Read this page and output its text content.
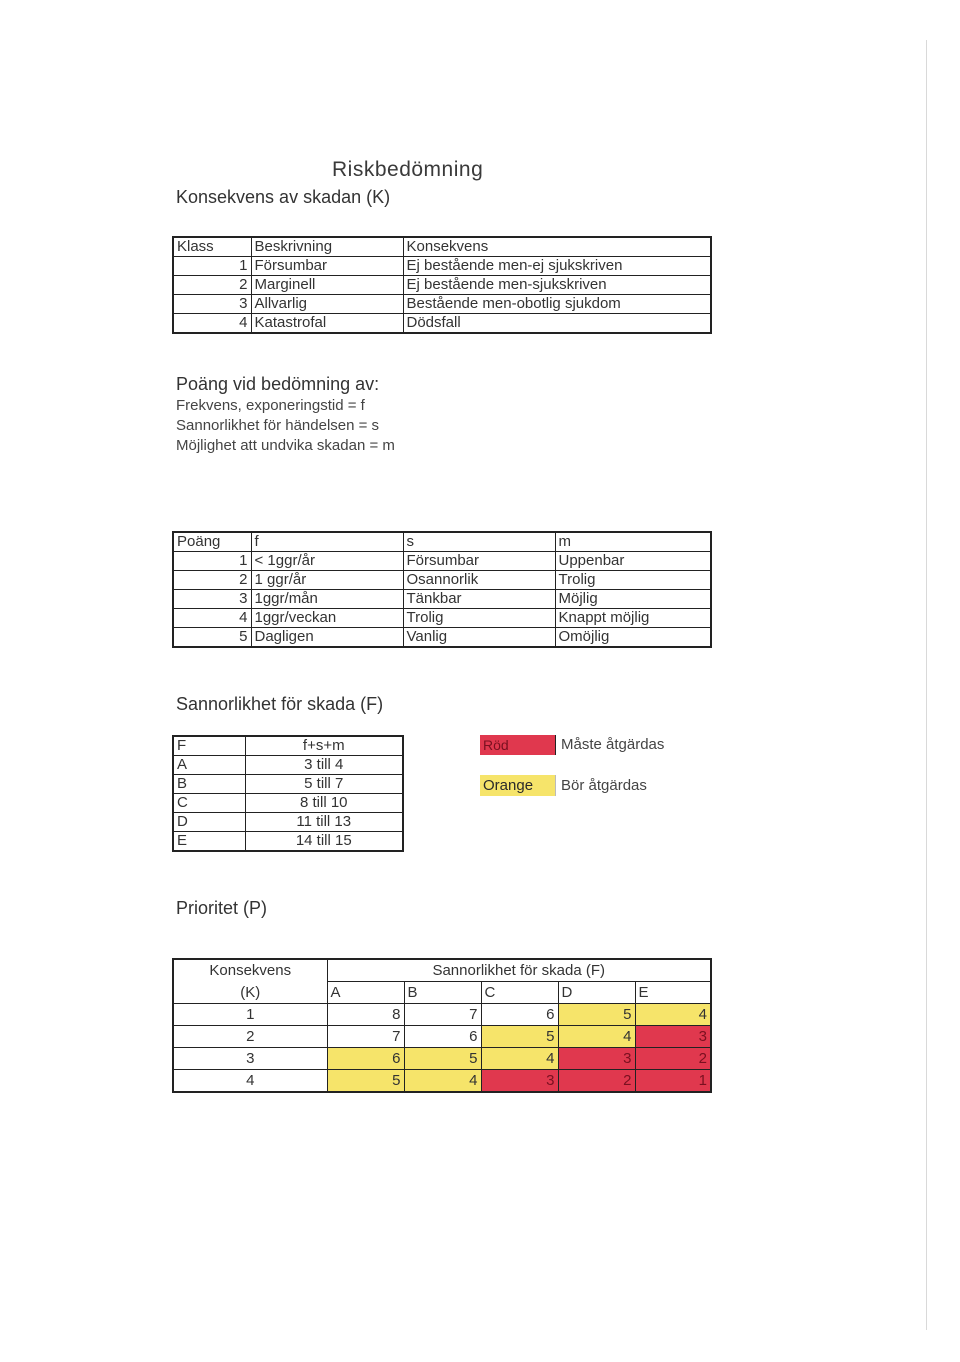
Riskbedömning
Konsekvens av skadan (K)
Klass	Beskrivning	Konsekvens
1	Försumbar	Ej bestående men-ej sjukskriven
2	Marginell	Ej bestående men-sjukskriven
3	Allvarlig	Bestående men-obotlig sjukdom
4	Katastrofal	Dödsfall
Poäng vid bedömning av:
Frekvens, exponeringstid = f
Sannorlikhet för händelsen = s
Möjlighet att undvika skadan = m
Poäng	f	s	m
1	< 1ggr/år	Försumbar	Uppenbar
2	1 ggr/år	Osannorlik	Trolig
3	1ggr/mån	Tänkbar	Möjlig
4	1ggr/veckan	Trolig	Knappt möjlig
5	Dagligen	Vanlig	Omöjlig
Sannorlikhet för skada (F)
F	f+s+m
A	3 till 4
B	5 till 7
C	8 till 10
D	11 till 13
E	14 till 15
Röd	Måste åtgärdas
Orange	Bör åtgärdas
Prioritet (P)
Konsekvens	Sannorlikhet för skada (F)				
(K)	A	B	C	D	E
1	8	7	6	5	4
2	7	6	5	4	3
3	6	5	4	3	2
4	5	4	3	2	1
